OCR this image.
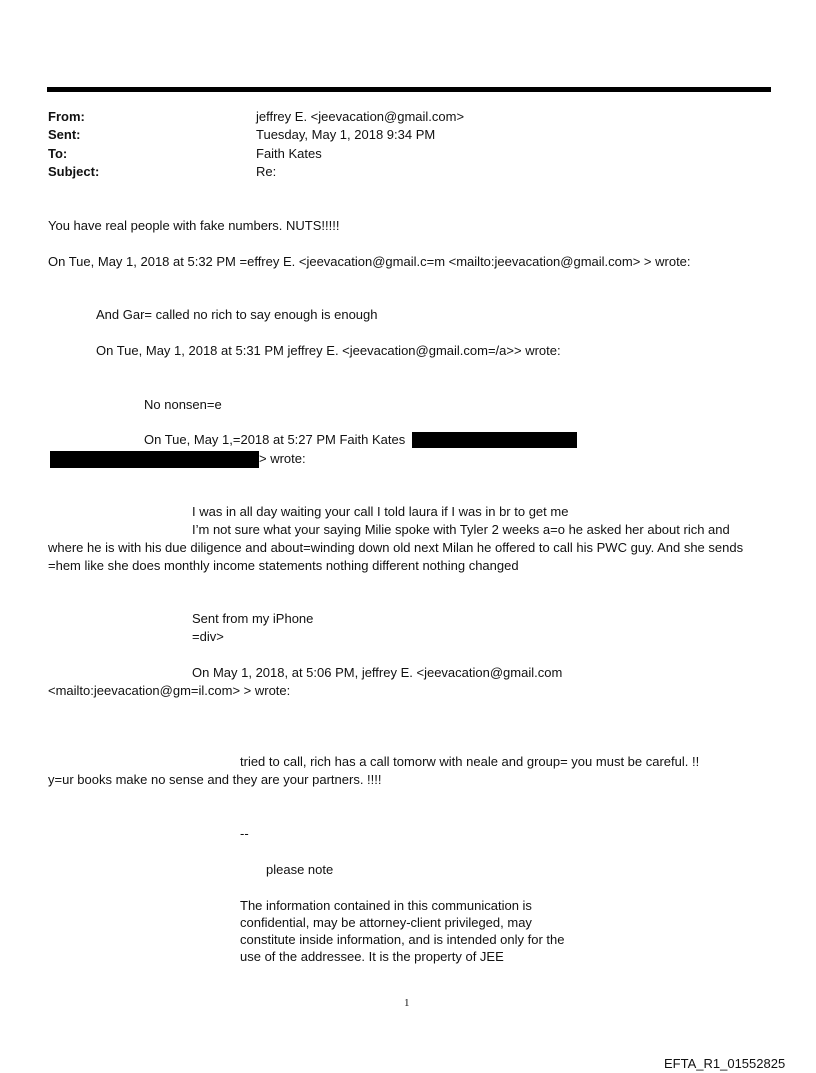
From:	jeffrey E. <jeevacation@gmail.com>
Sent:	Tuesday, May 1, 2018 9:34 PM
To:	Faith Kates
Subject:	Re:
You have real people with fake numbers. NUTS!!!!!
On Tue, May 1, 2018 at 5:32 PM =effrey E. <jeevacation@gmail.c=m <mailto:jeevacation@gmail.com> > wrote:
And Gar= called no rich to say enough is enough
On Tue, May 1, 2018 at 5:31 PM jeffrey E. <jeevacation@gmail.com=/a>> wrote:
No nonsen=e
On Tue, May 1,=2018 at 5:27 PM Faith Kates
> wrote:
I was in all day waiting your call I told laura if I was in br to get me
I’m not sure what your saying Milie spoke with Tyler 2 weeks a=o he asked her about rich and
where he is with his due diligence and about=winding down old next Milan he offered to call his PWC guy. And she sends
=hem like she does monthly income statements nothing different nothing changed
Sent from my iPhone
=div>
On May 1, 2018, at 5:06 PM, jeffrey E. <jeevacation@gmail.com
<mailto:jeevacation@gm=il.com> > wrote:
tried to call, rich has a call tomorw with neale and group= you must be careful. !!
y=ur books make no sense and they are your partners. !!!!
--
please note
The information contained in this communication is confidential, may be attorney-client privileged, may constitute inside information, and is intended only for the use of the addressee. It is the property of JEE
1
EFTA_R1_01552825
